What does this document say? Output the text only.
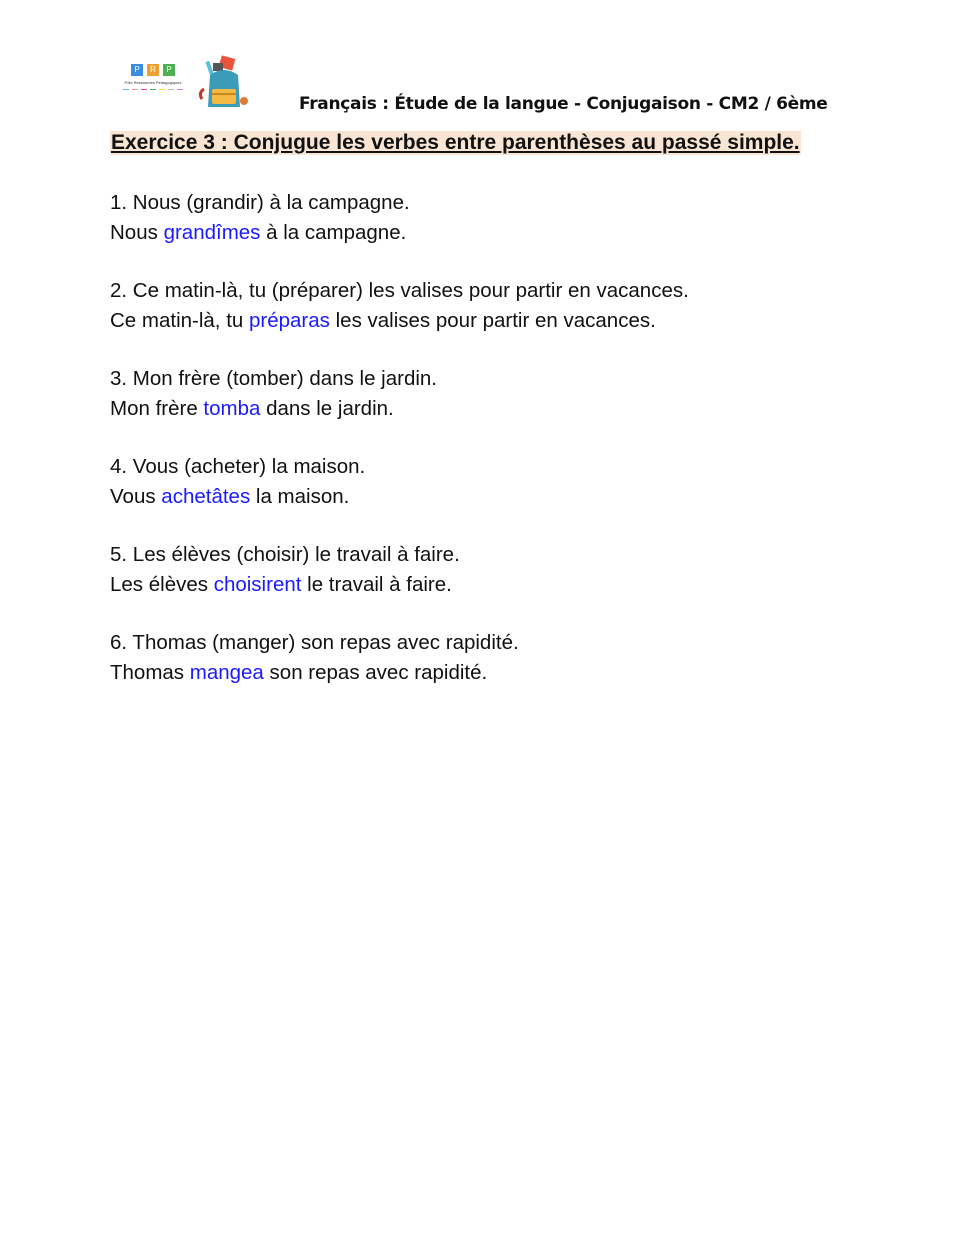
P	R	P
Pôle Ressources Pédagogiques
Français : Étude de la langue - Conjugaison - CM2 / 6ème
Exercice 3 : Conjugue les verbes entre parenthèses au passé simple.
1. Nous (grandir) à la campagne.
Nous grandîmes à la campagne.
2. Ce matin-là, tu (préparer) les valises pour partir en vacances.
Ce matin-là, tu préparas les valises pour partir en vacances.
3. Mon frère (tomber) dans le jardin.
Mon frère tomba dans le jardin.
4. Vous (acheter) la maison.
Vous achetâtes la maison.
5. Les élèves (choisir) le travail à faire.
Les élèves choisirent le travail à faire.
6. Thomas (manger) son repas avec rapidité.
Thomas mangea son repas avec rapidité.
